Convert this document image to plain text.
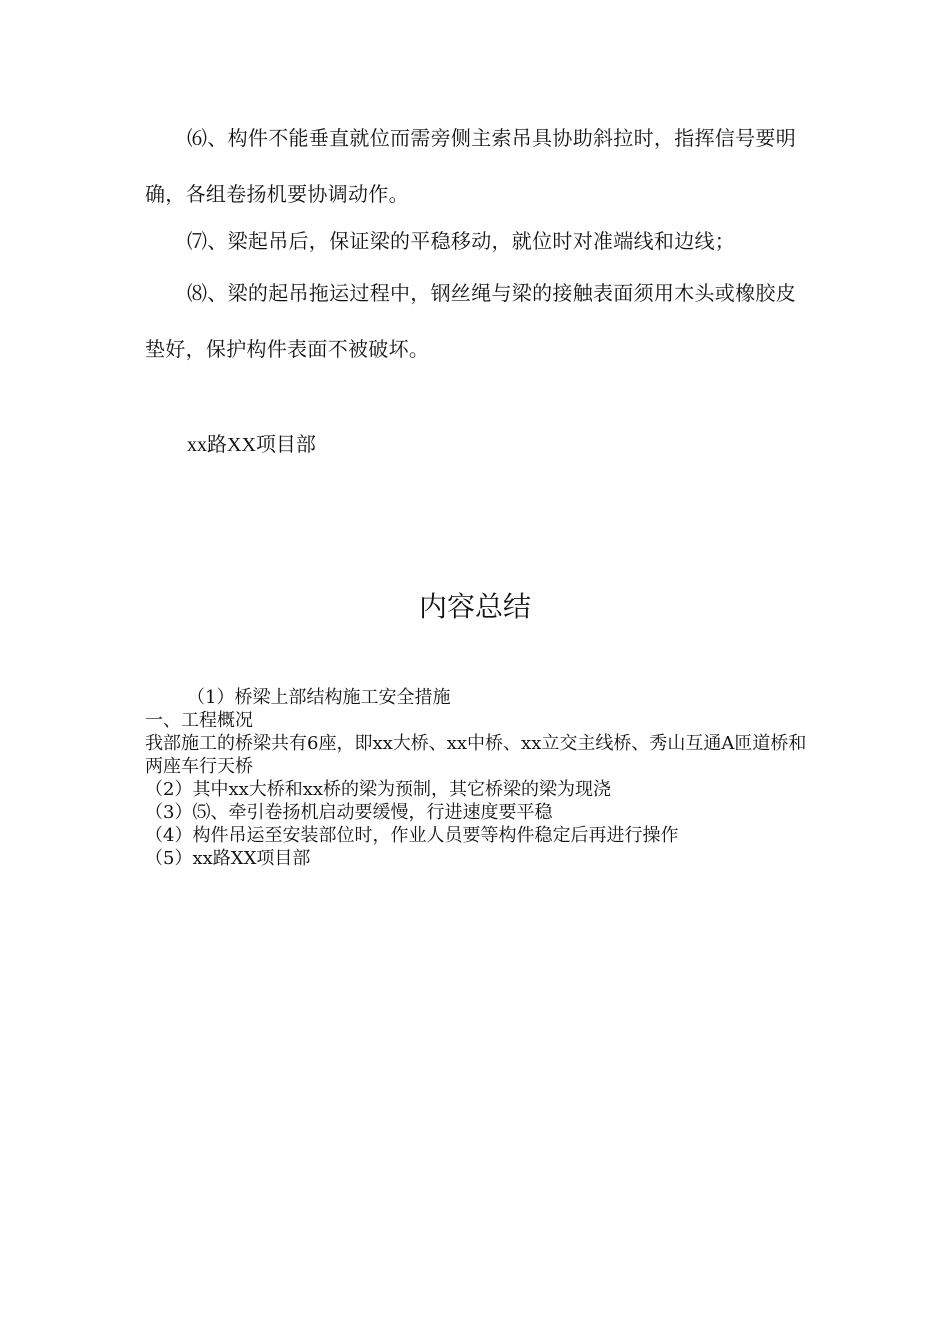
⑹、构件不能垂直就位而需旁侧主索吊具协助斜拉时，指挥信号要明确，各组卷扬机要协调动作。

⑺、梁起吊后，保证梁的平稳移动，就位时对准端线和边线；

⑻、梁的起吊拖运过程中，钢丝绳与梁的接触表面须用木头或橡胶皮垫好，保护构件表面不被破坏。

xx路XX项目部
内容总结
（1）桥梁上部结构施工安全措施
一、工程概况
我部施工的桥梁共有6座，即xx大桥、xx中桥、xx立交主线桥、秀山互通A匝道桥和两座车行天桥
（2）其中xx大桥和xx桥的梁为预制，其它桥梁的梁为现浇
（3）⑸、牵引卷扬机启动要缓慢，行进速度要平稳
（4）构件吊运至安装部位时，作业人员要等构件稳定后再进行操作
（5）xx路XX项目部
